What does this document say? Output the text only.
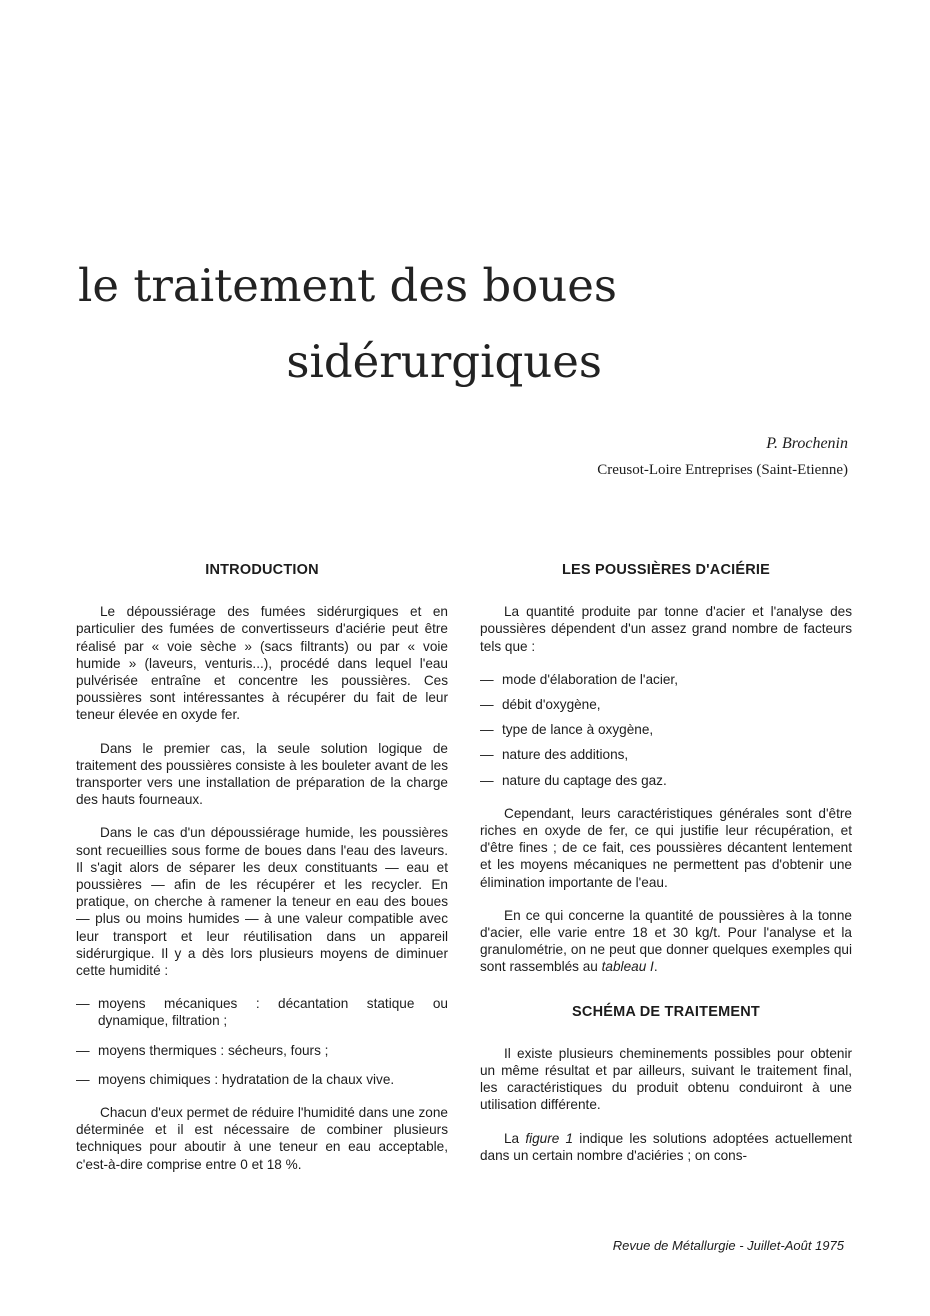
le traitement des boues
sidérurgiques
P. Brochenin
Creusot-Loire Entreprises (Saint-Etienne)
INTRODUCTION

Le dépoussiérage des fumées sidérurgiques et en particulier des fumées de convertisseurs d'aciérie peut être réalisé par « voie sèche » (sacs filtrants) ou par « voie humide » (laveurs, venturis...), procédé dans lequel l'eau pulvérisée entraîne et concentre les poussières. Ces poussières sont intéressantes à récupérer du fait de leur teneur élevée en oxyde fer.

Dans le premier cas, la seule solution logique de traitement des poussières consiste à les bouleter avant de les transporter vers une installation de préparation de la charge des hauts fourneaux.

Dans le cas d'un dépoussiérage humide, les poussières sont recueillies sous forme de boues dans l'eau des laveurs. Il s'agit alors de séparer les deux constituants — eau et poussières — afin de les récupérer et les recycler. En pratique, on cherche à ramener la teneur en eau des boues — plus ou moins humides — à une valeur compatible avec leur transport et leur réutilisation dans un appareil sidérurgique. Il y a dès lors plusieurs moyens de diminuer cette humidité :

— moyens mécaniques : décantation statique ou dynamique, filtration ;
— moyens thermiques : sécheurs, fours ;
— moyens chimiques : hydratation de la chaux vive.

Chacun d'eux permet de réduire l'humidité dans une zone déterminée et il est nécessaire de combiner plusieurs techniques pour aboutir à une teneur en eau acceptable, c'est-à-dire comprise entre 0 et 18 %.

LES POUSSIÈRES D'ACIÉRIE

La quantité produite par tonne d'acier et l'analyse des poussières dépendent d'un assez grand nombre de facteurs tels que :

— mode d'élaboration de l'acier,
— débit d'oxygène,
— type de lance à oxygène,
— nature des additions,
— nature du captage des gaz.

Cependant, leurs caractéristiques générales sont d'être riches en oxyde de fer, ce qui justifie leur récupération, et d'être fines ; de ce fait, ces poussières décantent lentement et les moyens mécaniques ne permettent pas d'obtenir une élimination importante de l'eau.

En ce qui concerne la quantité de poussières à la tonne d'acier, elle varie entre 18 et 30 kg/t. Pour l'analyse et la granulométrie, on ne peut que donner quelques exemples qui sont rassemblés au tableau I.

SCHÉMA DE TRAITEMENT

Il existe plusieurs cheminements possibles pour obtenir un même résultat et par ailleurs, suivant le traitement final, les caractéristiques du produit obtenu conduiront à une utilisation différente.

La figure 1 indique les solutions adoptées actuellement dans un certain nombre d'aciéries ; on cons-

Revue de Métallurgie - Juillet-Août 1975
